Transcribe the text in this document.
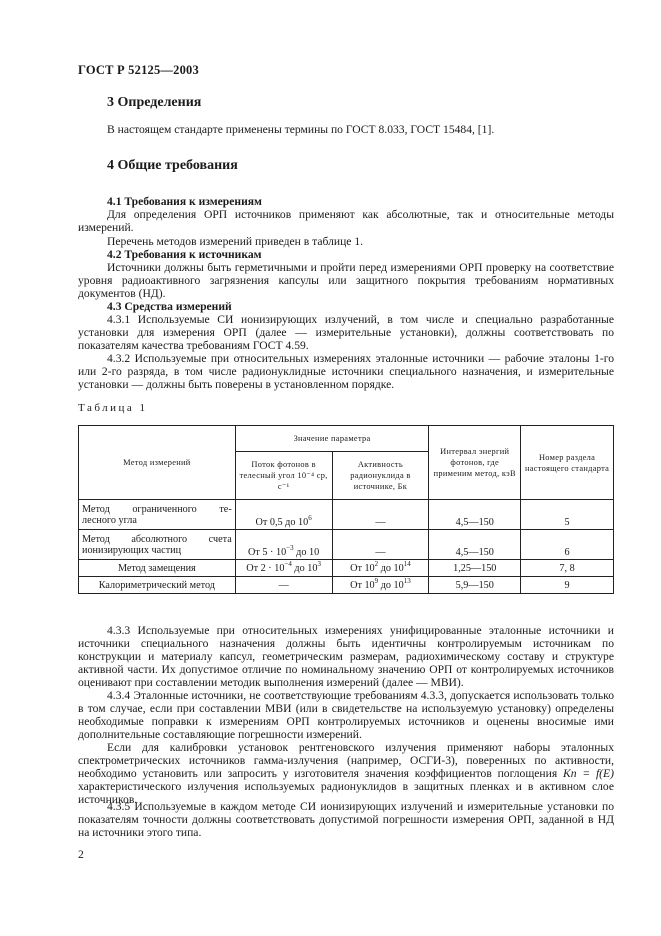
ГОСТ Р 52125—2003
3 Определения
В настоящем стандарте применены термины по ГОСТ 8.033, ГОСТ 15484, [1].
4 Общие требования
4.1 Требования к измерениям
Для определения ОРП источников применяют как абсолютные, так и относительные методы измерений.
Перечень методов измерений приведен в таблице 1.
4.2 Требования к источникам
Источники должны быть герметичными и пройти перед измерениями ОРП проверку на соответствие уровня радиоактивного загрязнения капсулы или защитного покрытия требованиям нормативных документов (НД).
4.3 Средства измерений
4.3.1 Используемые СИ ионизирующих излучений, в том числе и специально разработанные установки для измерения ОРП (далее — измерительные установки), должны соответствовать по показателям качества требованиям ГОСТ 4.59.
4.3.2 Используемые при относительных измерениях эталонные источники — рабочие эталоны 1-го или 2-го разряда, в том числе радионуклидные источники специального назначения, и измерительные установки — должны быть поверены в установленном порядке.
Таблица 1
Метод измерений	Значение параметра		Интервал энергий фотонов, где применим метод, кэВ	Номер раздела настоящего стандарта
	Поток фотонов в телесный угол 10⁻⁴ ср, с⁻¹	Активность радионуклида в источнике, Бк		

Метод ограниченного те-
лесного угла	От 0,5 до $10^6$	—	4,5—150	5

Метод абсолютного счета
ионизирующих частиц	От $5 \cdot 10^{-3}$ до 10	—	4,5—150	6
Метод замещения	От $2 \cdot 10^{-4}$ до $10^3$	От $10^2$ до $10^{14}$	1,25—150	7, 8
Калориметрический метод	—	От $10^9$ до $10^{13}$	5,9—150	9
4.3.3 Используемые при относительных измерениях унифицированные эталонные источники и источники специального назначения должны быть идентичны контролируемым источникам по конструкции и материалу капсул, геометрическим размерам, радиохимическому составу и структуре активной части. Их допустимое отличие по номинальному значению ОРП от контролируемых источников оценивают при составлении методик выполнения измерений (далее — МВИ).
4.3.4 Эталонные источники, не соответствующие требованиям 4.3.3, допускается использовать только в том случае, если при составлении МВИ (или в свидетельстве на используемую установку) определены необходимые поправки к измерениям ОРП контролируемых источников и оценены вносимые ими дополнительные составляющие погрешности измерений.
Если для калибровки установок рентгеновского излучения применяют наборы эталонных спектрометрических источников гамма-излучения (например, ОСГИ-3), поверенных по активности, необходимо установить или запросить у изготовителя значения коэффициентов поглощения Kп = f(E) характеристического излучения используемых радионуклидов в защитных пленках и в активном слое источников.
4.3.5 Используемые в каждом методе СИ ионизирующих излучений и измерительные установки по показателям точности должны соответствовать допустимой погрешности измерения ОРП, заданной в НД на источники этого типа.
2
